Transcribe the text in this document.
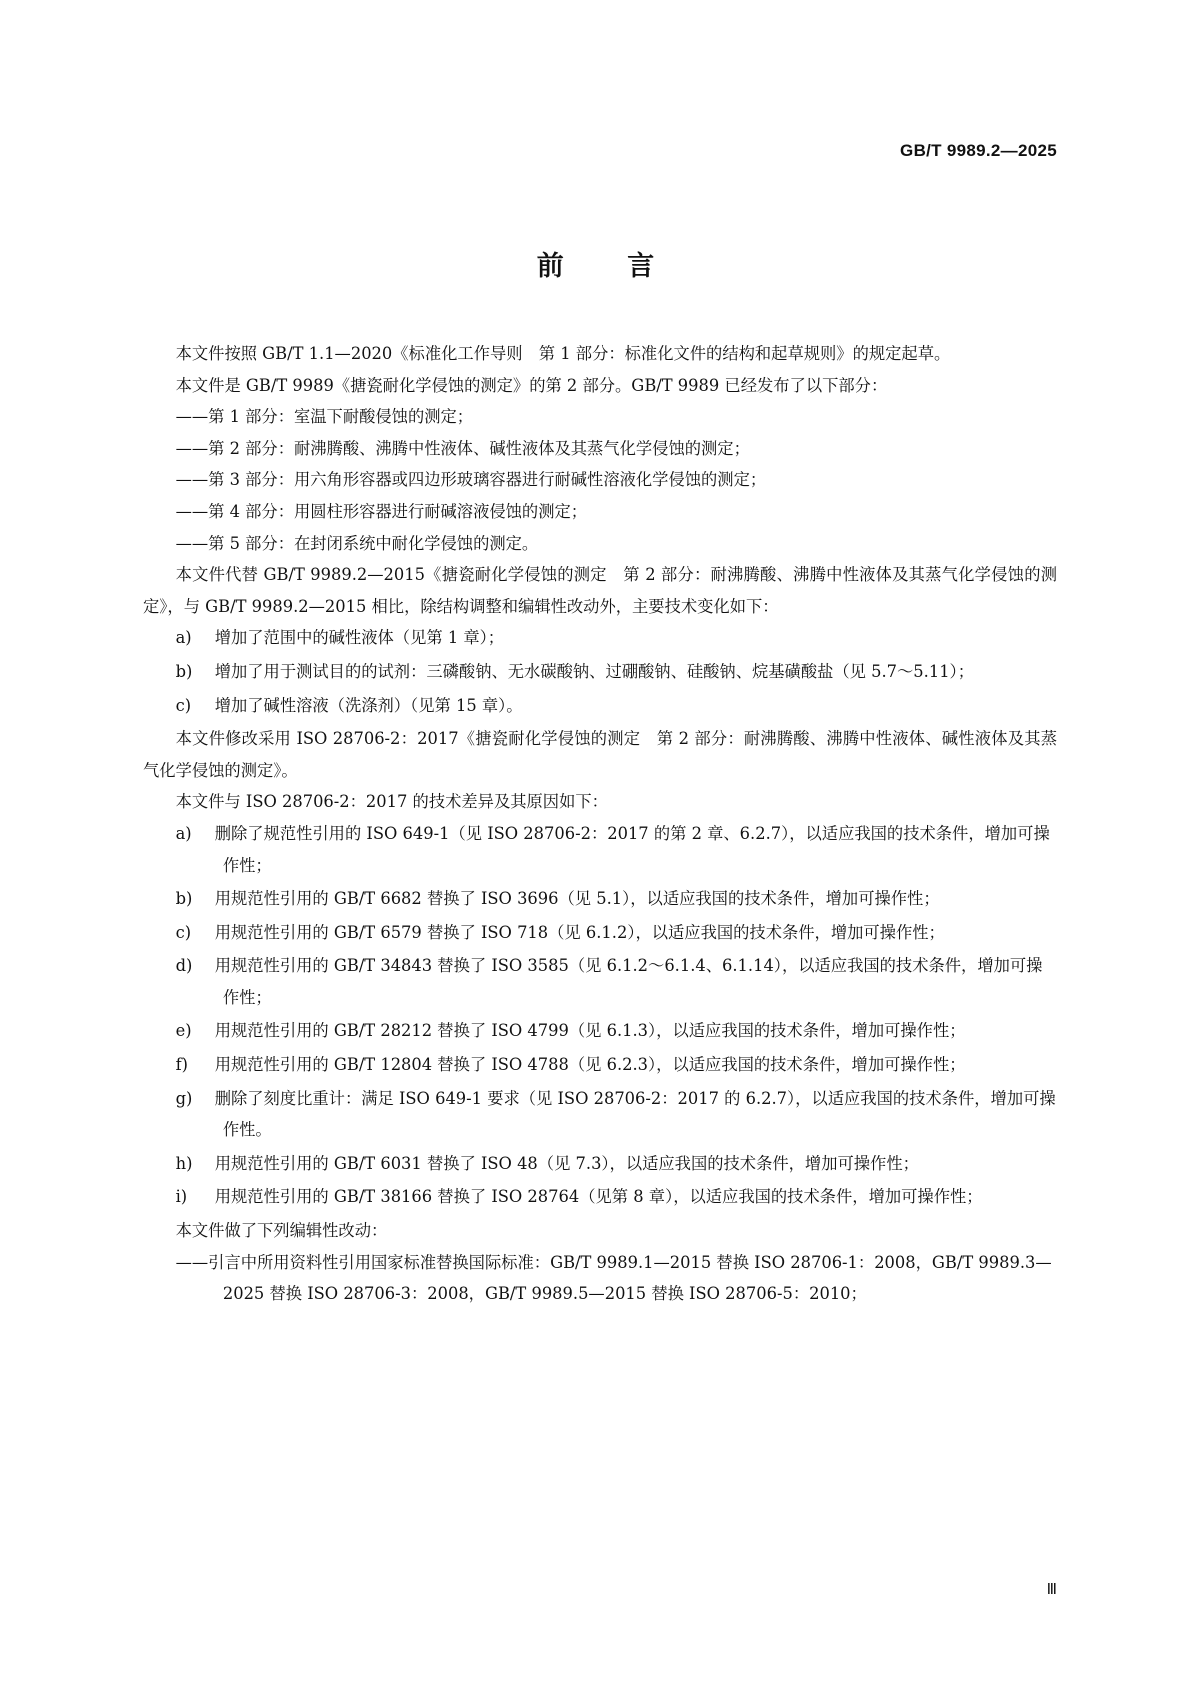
GB/T 9989.2—2025
前 言

本文件按照 GB/T 1.1—2020《标准化工作导则　第 1 部分：标准化文件的结构和起草规则》的规定起草。

本文件是 GB/T 9989《搪瓷耐化学侵蚀的测定》的第 2 部分。GB/T 9989 已经发布了以下部分：

——第 1 部分：室温下耐酸侵蚀的测定；

——第 2 部分：耐沸腾酸、沸腾中性液体、碱性液体及其蒸气化学侵蚀的测定；

——第 3 部分：用六角形容器或四边形玻璃容器进行耐碱性溶液化学侵蚀的测定；

——第 4 部分：用圆柱形容器进行耐碱溶液侵蚀的测定；

——第 5 部分：在封闭系统中耐化学侵蚀的测定。

本文件代替 GB/T 9989.2—2015《搪瓷耐化学侵蚀的测定　第 2 部分：耐沸腾酸、沸腾中性液体及其蒸气化学侵蚀的测定》，与 GB/T 9989.2—2015 相比，除结构调整和编辑性改动外，主要技术变化如下：

a) 增加了范围中的碱性液体（见第 1 章）；

b) 增加了用于测试目的的试剂：三磷酸钠、无水碳酸钠、过硼酸钠、硅酸钠、烷基磺酸盐（见 5.7～5.11）；

c) 增加了碱性溶液（洗涤剂）（见第 15 章）。

本文件修改采用 ISO 28706-2：2017《搪瓷耐化学侵蚀的测定　第 2 部分：耐沸腾酸、沸腾中性液体、碱性液体及其蒸气化学侵蚀的测定》。

本文件与 ISO 28706-2：2017 的技术差异及其原因如下：

a) 删除了规范性引用的 ISO 649-1（见 ISO 28706-2：2017 的第 2 章、6.2.7），以适应我国的技术条件，增加可操作性；

b) 用规范性引用的 GB/T 6682 替换了 ISO 3696（见 5.1），以适应我国的技术条件，增加可操作性；

c) 用规范性引用的 GB/T 6579 替换了 ISO 718（见 6.1.2），以适应我国的技术条件，增加可操作性；

d) 用规范性引用的 GB/T 34843 替换了 ISO 3585（见 6.1.2～6.1.4、6.1.14），以适应我国的技术条件，增加可操作性；

e) 用规范性引用的 GB/T 28212 替换了 ISO 4799（见 6.1.3），以适应我国的技术条件，增加可操作性；

f) 用规范性引用的 GB/T 12804 替换了 ISO 4788（见 6.2.3），以适应我国的技术条件，增加可操作性；

g) 删除了刻度比重计：满足 ISO 649-1 要求（见 ISO 28706-2：2017 的 6.2.7），以适应我国的技术条件，增加可操作性。

h) 用规范性引用的 GB/T 6031 替换了 ISO 48（见 7.3），以适应我国的技术条件，增加可操作性；

i) 用规范性引用的 GB/T 38166 替换了 ISO 28764（见第 8 章），以适应我国的技术条件，增加可操作性；

本文件做了下列编辑性改动：

——引言中所用资料性引用国家标准替换国际标准：GB/T 9989.1—2015 替换 ISO 28706-1：2008，GB/T 9989.3—2025 替换 ISO 28706-3：2008，GB/T 9989.5—2015 替换 ISO 28706-5：2010；

Ⅲ
